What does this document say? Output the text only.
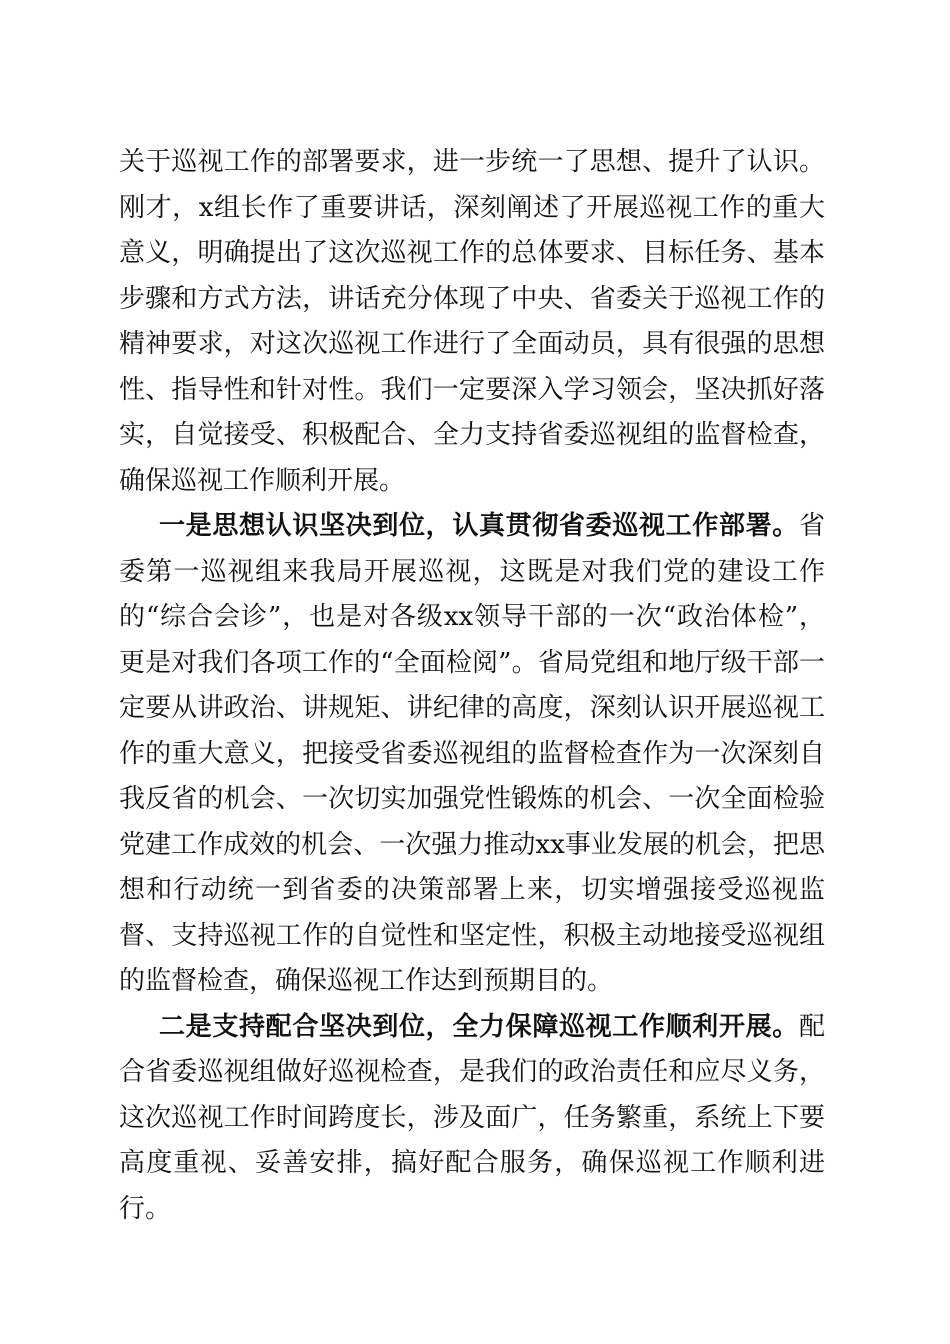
关于巡视工作的部署要求，进一步统一了思想、提升了认识。刚才，x组长作了重要讲话，深刻阐述了开展巡视工作的重大意义，明确提出了这次巡视工作的总体要求、目标任务、基本步骤和方式方法，讲话充分体现了中央、省委关于巡视工作的精神要求，对这次巡视工作进行了全面动员，具有很强的思想性、指导性和针对性。我们一定要深入学习领会，坚决抓好落实，自觉接受、积极配合、全力支持省委巡视组的监督检查，确保巡视工作顺利开展。

一是思想认识坚决到位，认真贯彻省委巡视工作部署。省委第一巡视组来我局开展巡视，这既是对我们党的建设工作的“综合会诊”，也是对各级xx领导干部的一次“政治体检”，更是对我们各项工作的“全面检阅”。省局党组和地厅级干部一定要从讲政治、讲规矩、讲纪律的高度，深刻认识开展巡视工作的重大意义，把接受省委巡视组的监督检查作为一次深刻自我反省的机会、一次切实加强党性锻炼的机会、一次全面检验党建工作成效的机会、一次强力推动xx事业发展的机会，把思想和行动统一到省委的决策部署上来，切实增强接受巡视监督、支持巡视工作的自觉性和坚定性，积极主动地接受巡视组的监督检查，确保巡视工作达到预期目的。

二是支持配合坚决到位，全力保障巡视工作顺利开展。配合省委巡视组做好巡视检查，是我们的政治责任和应尽义务，这次巡视工作时间跨度长，涉及面广，任务繁重，系统上下要高度重视、妥善安排，搞好配合服务，确保巡视工作顺利进行。
